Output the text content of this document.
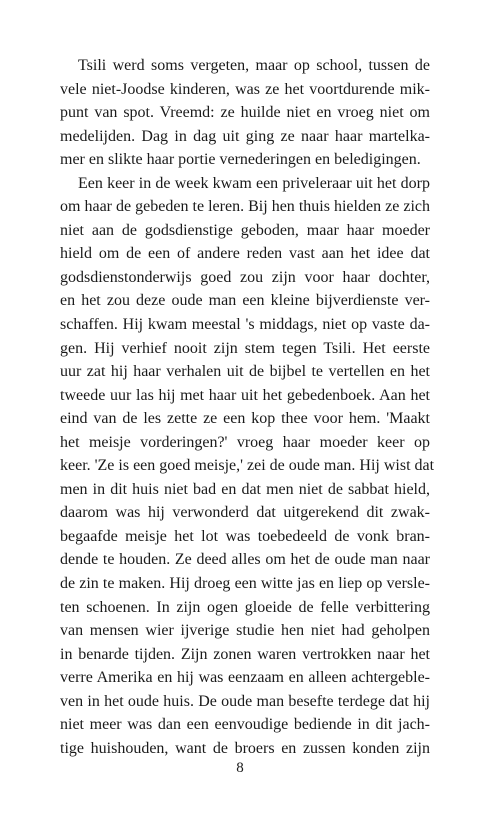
Tsili werd soms vergeten, maar op school, tussen de
vele niet-Joodse kinderen, was ze het voortdurende mik-
punt van spot. Vreemd: ze huilde niet en vroeg niet om
medelijden. Dag in dag uit ging ze naar haar martelka-
mer en slikte haar portie vernederingen en beledigingen.
Een keer in de week kwam een priveleraar uit het dorp
om haar de gebeden te leren. Bij hen thuis hielden ze zich
niet aan de godsdienstige geboden, maar haar moeder
hield om de een of andere reden vast aan het idee dat
godsdienstonderwijs goed zou zijn voor haar dochter,
en het zou deze oude man een kleine bijverdienste ver-
schaffen. Hij kwam meestal 's middags, niet op vaste da-
gen. Hij verhief nooit zijn stem tegen Tsili. Het eerste
uur zat hij haar verhalen uit de bijbel te vertellen en het
tweede uur las hij met haar uit het gebedenboek. Aan het
eind van de les zette ze een kop thee voor hem. 'Maakt
het meisje vorderingen?' vroeg haar moeder keer op
keer. 'Ze is een goed meisje,' zei de oude man. Hij wist dat
men in dit huis niet bad en dat men niet de sabbat hield,
daarom was hij verwonderd dat uitgerekend dit zwak-
begaafde meisje het lot was toebedeeld de vonk bran-
dende te houden. Ze deed alles om het de oude man naar
de zin te maken. Hij droeg een witte jas en liep op versle-
ten schoenen. In zijn ogen gloeide de felle verbittering
van mensen wier ijverige studie hen niet had geholpen
in benarde tijden. Zijn zonen waren vertrokken naar het
verre Amerika en hij was eenzaam en alleen achtergeble-
ven in het oude huis. De oude man besefte terdege dat hij
niet meer was dan een eenvoudige bediende in dit jach-
tige huishouden, want de broers en zussen konden zijn
8
